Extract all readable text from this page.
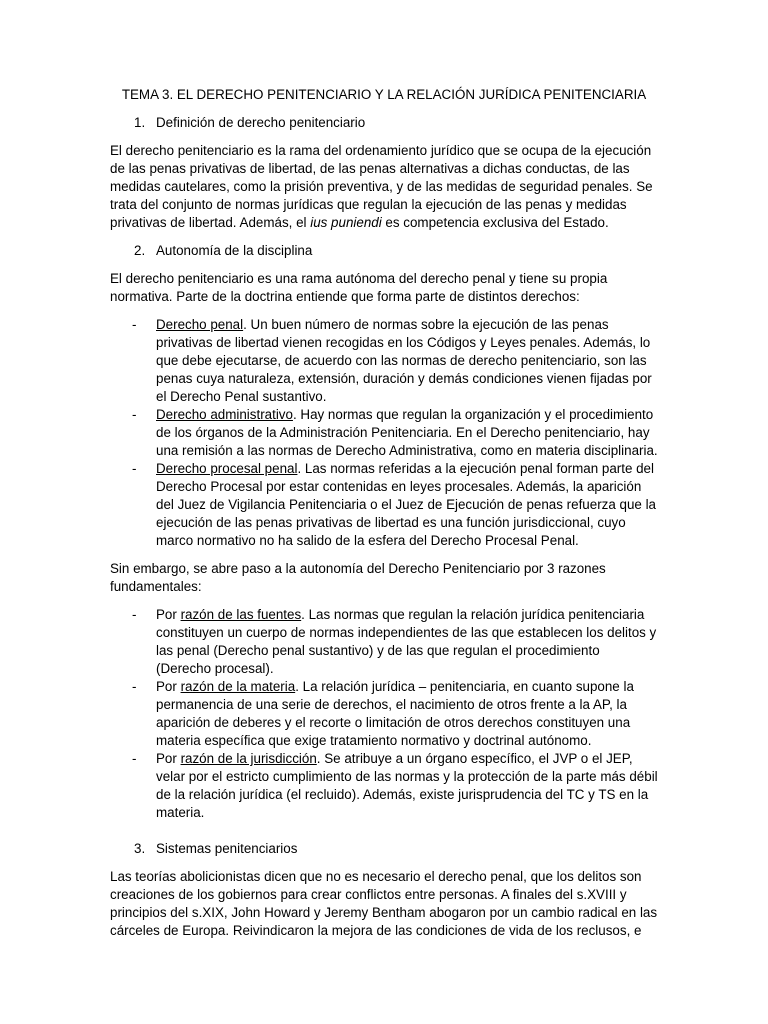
TEMA 3. EL DERECHO PENITENCIARIO Y LA RELACIÓN JURÍDICA PENITENCIARIA

1. Definición de derecho penitenciario

El derecho penitenciario es la rama del ordenamiento jurídico que se ocupa de la ejecución de las penas privativas de libertad, de las penas alternativas a dichas conductas, de las medidas cautelares, como la prisión preventiva, y de las medidas de seguridad penales. Se trata del conjunto de normas jurídicas que regulan la ejecución de las penas y medidas privativas de libertad. Además, el ius puniendi es competencia exclusiva del Estado.

2. Autonomía de la disciplina

El derecho penitenciario es una rama autónoma del derecho penal y tiene su propia normativa. Parte de la doctrina entiende que forma parte de distintos derechos:

-	Derecho penal. Un buen número de normas sobre la ejecución de las penas privativas de libertad vienen recogidas en los Códigos y Leyes penales. Además, lo que debe ejecutarse, de acuerdo con las normas de derecho penitenciario, son las penas cuya naturaleza, extensión, duración y demás condiciones vienen fijadas por el Derecho Penal sustantivo.
-	Derecho administrativo. Hay normas que regulan la organización y el procedimiento de los órganos de la Administración Penitenciaria. En el Derecho penitenciario, hay una remisión a las normas de Derecho Administrativa, como en materia disciplinaria.
-	Derecho procesal penal. Las normas referidas a la ejecución penal forman parte del Derecho Procesal por estar contenidas en leyes procesales. Además, la aparición del Juez de Vigilancia Penitenciaria o el Juez de Ejecución de penas refuerza que la ejecución de las penas privativas de libertad es una función jurisdiccional, cuyo marco normativo no ha salido de la esfera del Derecho Procesal Penal.

Sin embargo, se abre paso a la autonomía del Derecho Penitenciario por 3 razones fundamentales:

-	Por razón de las fuentes. Las normas que regulan la relación jurídica penitenciaria constituyen un cuerpo de normas independientes de las que establecen los delitos y las penal (Derecho penal sustantivo) y de las que regulan el procedimiento (Derecho procesal).
-	Por razón de la materia. La relación jurídica – penitenciaria, en cuanto supone la permanencia de una serie de derechos, el nacimiento de otros frente a la AP, la aparición de deberes y el recorte o limitación de otros derechos constituyen una materia específica que exige tratamiento normativo y doctrinal autónomo.
-	Por razón de la jurisdicción. Se atribuye a un órgano específico, el JVP o el JEP, velar por el estricto cumplimiento de las normas y la protección de la parte más débil de la relación jurídica (el recluido). Además, existe jurisprudencia del TC y TS en la materia.
3. Sistemas penitenciarios

Las teorías abolicionistas dicen que no es necesario el derecho penal, que los delitos son creaciones de los gobiernos para crear conflictos entre personas. A finales del s.XVIII y principios del s.XIX, John Howard y Jeremy Bentham abogaron por un cambio radical en las cárceles de Europa. Reivindicaron la mejora de las condiciones de vida de los reclusos, e
